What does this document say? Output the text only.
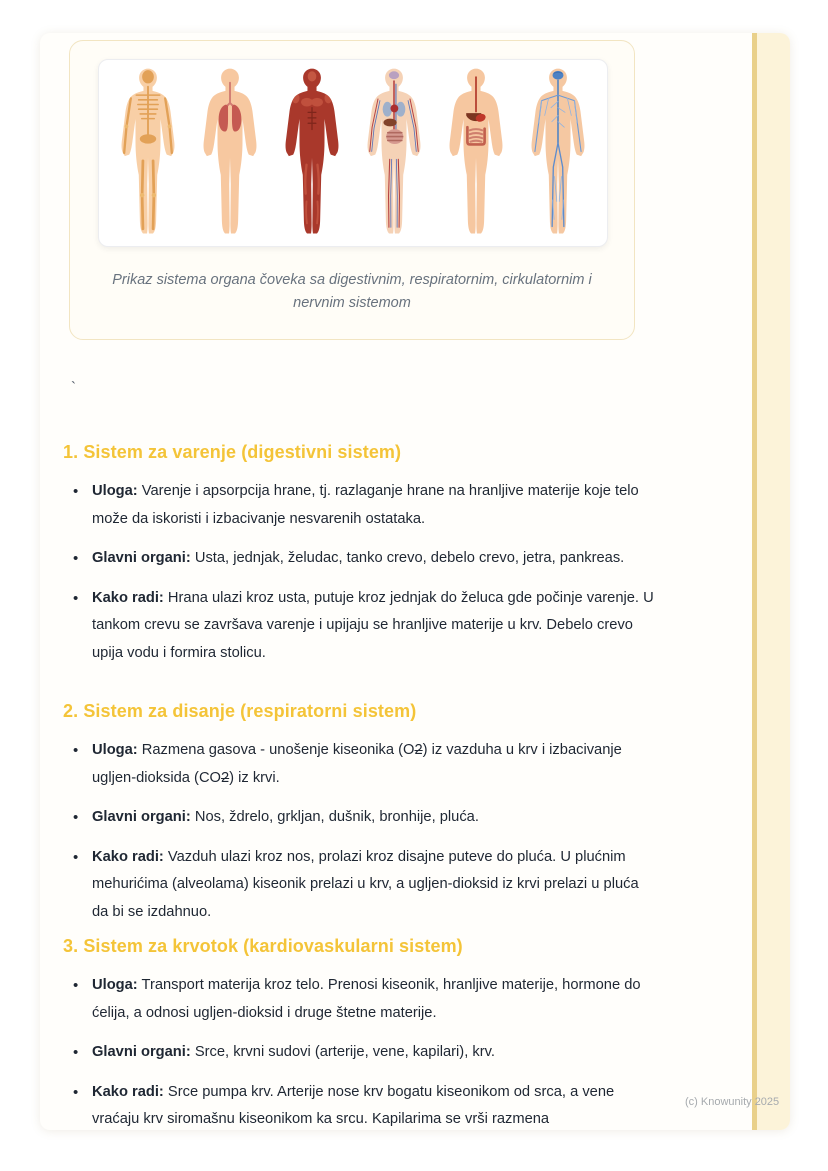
Prikaz sistema organa čoveka sa digestivnim, respiratornim, cirkulatornim i nervnim sistemom
`
1. Sistem za varenje (digestivni sistem)
• Uloga: Varenje i apsorpcija hrane, tj. razlaganje hrane na hranljive materije koje telo može da iskoristi i izbacivanje nesvarenih ostataka.
• Glavni organi: Usta, jednjak, želudac, tanko crevo, debelo crevo, jetra, pankreas.
• Kako radi: Hrana ulazi kroz usta, putuje kroz jednjak do želuca gde počinje varenje. U tankom crevu se završava varenje i upijaju se hranljive materije u krv. Debelo crevo upija vodu i formira stolicu.
2. Sistem za disanje (respiratorni sistem)
• Uloga: Razmena gasova - unošenje kiseonika (O2) iz vazduha u krv i izbacivanje ugljen-dioksida (CO2) iz krvi.
• Glavni organi: Nos, ždrelo, grkljan, dušnik, bronhije, pluća.
• Kako radi: Vazduh ulazi kroz nos, prolazi kroz disajne puteve do pluća. U plućnim mehurićima (alveolama) kiseonik prelazi u krv, a ugljen-dioksid iz krvi prelazi u pluća da bi se izdahnuo.
3. Sistem za krvotok (kardiovaskularni sistem)
• Uloga: Transport materija kroz telo. Prenosi kiseonik, hranljive materije, hormone do ćelija, a odnosi ugljen-dioksid i druge štetne materije.
• Glavni organi: Srce, krvni sudovi (arterije, vene, kapilari), krv.
• Kako radi: Srce pumpa krv. Arterije nose krv bogatu kiseonikom od srca, a vene vraćaju krv siromašnu kiseonikom ka srcu. Kapilarima se vrši razmena
(c) Knowunity 2025
